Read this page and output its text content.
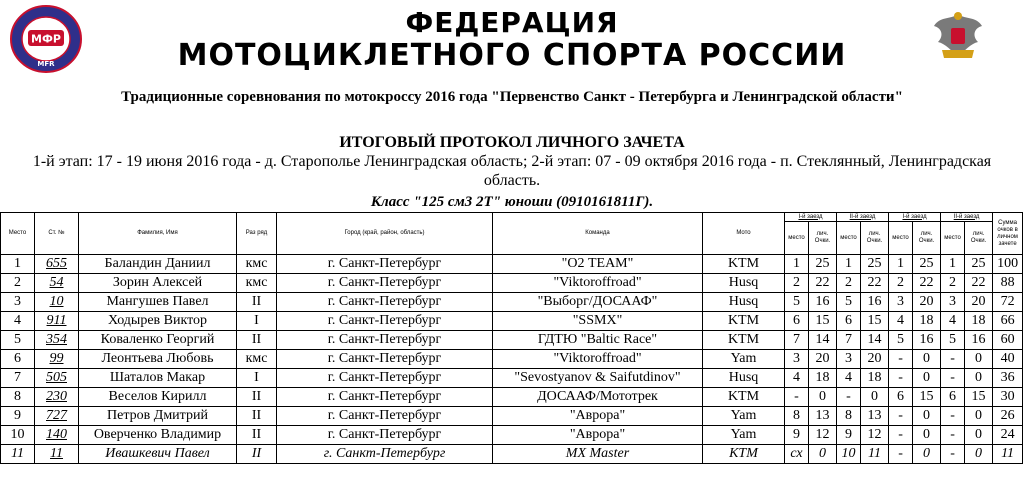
МФР
MFR
ФЕДЕРАЦИЯ
МОТОЦИКЛЕТНОГО СПОРТА РОССИИ
Традиционные соревнования по мотокроссу 2016 года "Первенство Санкт - Петербурга и Ленинградской области"
ИТОГОВЫЙ ПРОТОКОЛ ЛИЧНОГО ЗАЧЕТА
1-й этап: 17 - 19 июня 2016 года - д. Старополье Ленинградская область; 2-й этап: 07 - 09 октября 2016 года - п. Стеклянный, Ленинградская
область.
Класс "125 см3 2Т" юноши (0910161811Г).
Место	Ст. №	Фамилия, Имя	Раз ряд	Город (край, район, область)	Команда	Мото	I-й заезд		II-й заезд		I-й заезд		II-й заезд		Сумма очков в личном зачете
							место	лич. Очки.	место	лич. Очки.	место	лич. Очки.	место	лич. Очки.	
1	655	Баландин Даниил	кмс	г. Санкт-Петербург	"О2 TEAM"	KTM	1	25	1	25	1	25	1	25	100
2	54	Зорин Алексей	кмс	г. Санкт-Петербург	"Viktoroffroad"	Husq	2	22	2	22	2	22	2	22	88
3	10	Мангушев Павел	II	г. Санкт-Петербург	"Выборг/ДОСААФ"	Husq	5	16	5	16	3	20	3	20	72
4	911	Ходырев Виктор	I	г. Санкт-Петербург	"SSMX"	KTM	6	15	6	15	4	18	4	18	66
5	354	Коваленко Георгий	II	г. Санкт-Петербург	ГДТЮ "Baltic Race"	KTM	7	14	7	14	5	16	5	16	60
6	99	Леонтьева Любовь	кмс	г. Санкт-Петербург	"Viktoroffroad"	Yam	3	20	3	20	-	0	-	0	40
7	505	Шаталов Макар	I	г. Санкт-Петербург	"Sevostyanov & Saifutdinov"	Husq	4	18	4	18	-	0	-	0	36
8	230	Веселов Кирилл	II	г. Санкт-Петербург	ДОСААФ/Мототрек	KTM	-	0	-	0	6	15	6	15	30
9	727	Петров Дмитрий	II	г. Санкт-Петербург	"Аврора"	Yam	8	13	8	13	-	0	-	0	26
10	140	Оверченко Владимир	II	г. Санкт-Петербург	"Аврора"	Yam	9	12	9	12	-	0	-	0	24
11	11	Ивашкевич Павел	II	г. Санкт-Петербург	MX Master	KTM	сх	0	10	11	-	0	-	0	11
